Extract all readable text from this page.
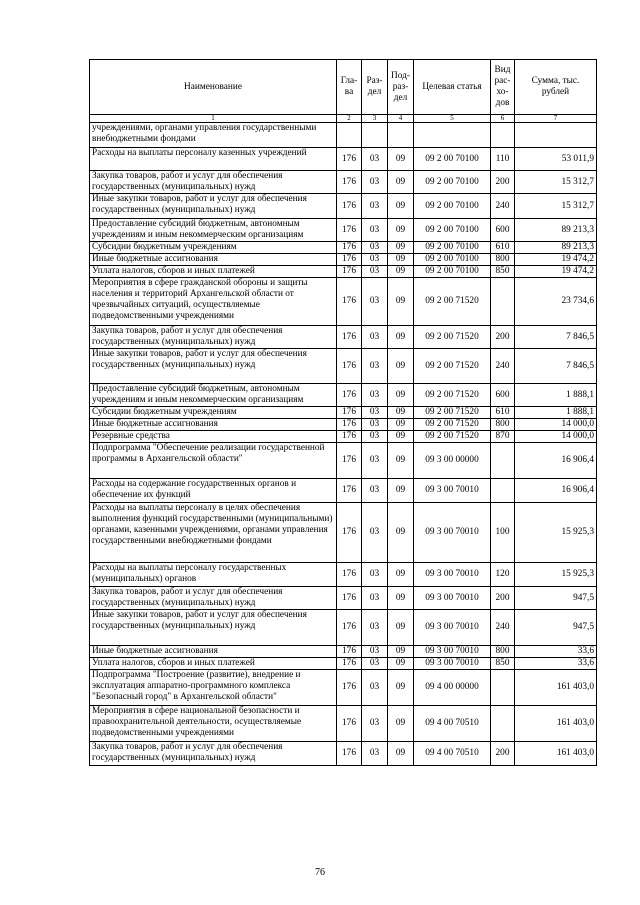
Наименование	Гла-ва	Раз-дел	Под-раз-дел	Целевая статья	Вид рас-хо-дов	Сумма, тыс. рублей
1	2	3	4	5	6	7
учреждениями, органами управления государственными внебюджетными фондами						
Расходы на выплаты персоналу казенных учреждений	176	03	09	09 2 00 70100	110	53 011,9
Закупка товаров, работ и услуг для обеспечения государственных (муниципальных) нужд	176	03	09	09 2 00 70100	200	15 312,7
Иные закупки товаров, работ и услуг для обеспечения государственных (муниципальных) нужд	176	03	09	09 2 00 70100	240	15 312,7
Предоставление субсидий бюджетным, автономным учреждениям и иным некоммерческим организациям	176	03	09	09 2 00 70100	600	89 213,3
Субсидии бюджетным учреждениям	176	03	09	09 2 00 70100	610	89 213,3
Иные бюджетные ассигнования	176	03	09	09 2 00 70100	800	19 474,2
Уплата налогов, сборов и иных платежей	176	03	09	09 2 00 70100	850	19 474,2
Мероприятия в сфере гражданской обороны и защиты населения и территорий Архангельской области от чрезвычайных ситуаций, осуществляемые подведомственными учреждениями	176	03	09	09 2 00 71520		23 734,6
Закупка товаров, работ и услуг для обеспечения государственных (муниципальных) нужд	176	03	09	09 2 00 71520	200	7 846,5
Иные закупки товаров, работ и услуг для обеспечения государственных (муниципальных) нужд	176	03	09	09 2 00 71520	240	7 846,5
Предоставление субсидий бюджетным, автономным учреждениям и иным некоммерческим организациям	176	03	09	09 2 00 71520	600	1 888,1
Субсидии бюджетным учреждениям	176	03	09	09 2 00 71520	610	1 888,1
Иные бюджетные ассигнования	176	03	09	09 2 00 71520	800	14 000,0
Резервные средства	176	03	09	09 2 00 71520	870	14 000,0
Подпрограмма "Обеспечение реализации государственной программы в Архангельской области"	176	03	09	09 3 00 00000		16 906,4
Расходы на содержание государственных органов и обеспечение их функций	176	03	09	09 3 00 70010		16 906,4
Расходы на выплаты персоналу в целях обеспечения выполнения функций государственными (муниципальными) органами, казенными учреждениями, органами управления государственными внебюджетными фондами	176	03	09	09 3 00 70010	100	15 925,3
Расходы на выплаты персоналу государственных (муниципальных) органов	176	03	09	09 3 00 70010	120	15 925,3
Закупка товаров, работ и услуг для обеспечения государственных (муниципальных) нужд	176	03	09	09 3 00 70010	200	947,5
Иные закупки товаров, работ и услуг для обеспечения государственных (муниципальных) нужд	176	03	09	09 3 00 70010	240	947,5
Иные бюджетные ассигнования	176	03	09	09 3 00 70010	800	33,6
Уплата налогов, сборов и иных платежей	176	03	09	09 3 00 70010	850	33,6
Подпрограмма "Построение (развитие), внедрение и эксплуатация аппаратно-программного комплекса "Безопасный город" в Архангельской области"	176	03	09	09 4 00 00000		161 403,0
Мероприятия в сфере национальной безопасности и правоохранительной деятельности, осуществляемые подведомственными учреждениями	176	03	09	09 4 00 70510		161 403,0
Закупка товаров, работ и услуг для обеспечения государственных (муниципальных) нужд	176	03	09	09 4 00 70510	200	161 403,0
76
